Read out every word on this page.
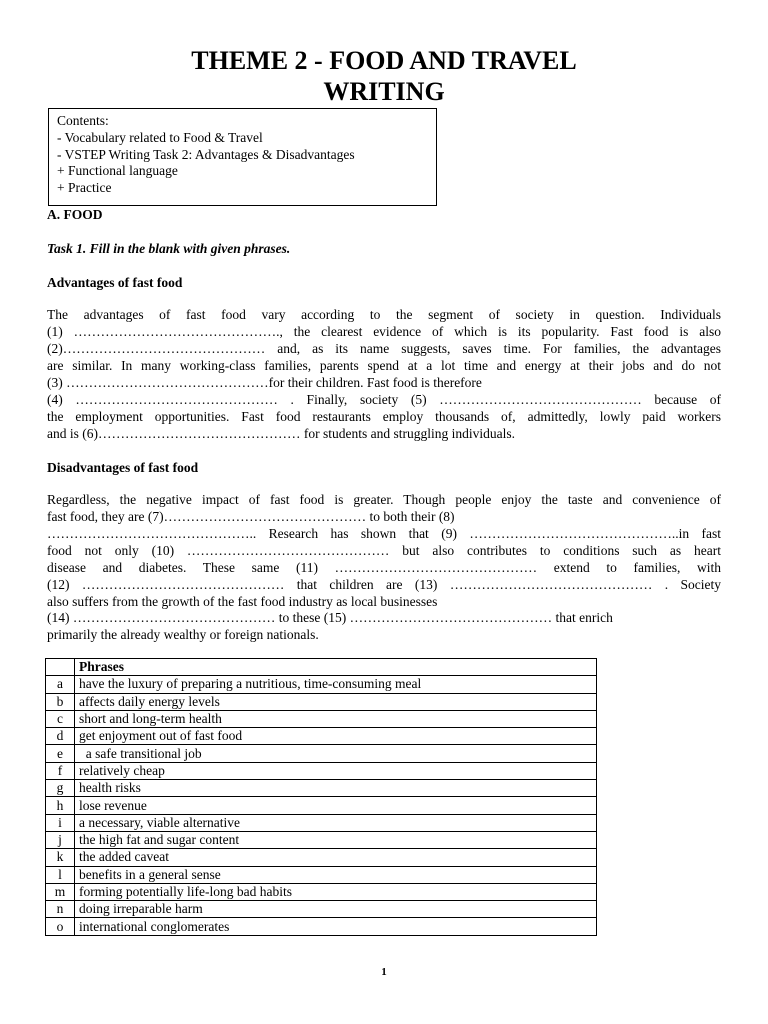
THEME 2 - FOOD AND TRAVEL
WRITING
Contents:
- Vocabulary related to Food & Travel
- VSTEP Writing Task 2: Advantages & Disadvantages
+ Functional language
+ Practice
A. FOOD
Task 1. Fill in the blank with given phrases.
Advantages of fast food
The advantages of fast food vary according to the segment of society in question. Individuals
(1) ………………………………………., the clearest evidence of which is its popularity. Fast food is also
(2)……………………………………… and, as its name suggests, saves time. For families, the advantages
are similar. In many working-class families, parents spend at a lot time and energy at their jobs and do not
(3) ………………………………………for their children. Fast food is therefore
(4) ……………………………………… . Finally, society (5) ……………………………………… because of
the employment opportunities. Fast food restaurants employ thousands of, admittedly, lowly paid workers
and is (6)……………………………………… for students and struggling individuals.
Disadvantages of fast food
Regardless, the negative impact of fast food is greater. Though people enjoy the taste and convenience of
fast food, they are (7)……………………………………… to both their (8)
……………………………………….. Research has shown that (9) ………………………………………..in fast
food not only (10) ……………………………………… but also contributes to conditions such as heart
disease and diabetes. These same (11) ……………………………………… extend to families, with
(12) ……………………………………… that children are (13) ……………………………………… . Society
also suffers from the growth of the fast food industry as local businesses
(14) ……………………………………… to these (15) ……………………………………… that enrich
primarily the already wealthy or foreign nationals.
	Phrases
a	have the luxury of preparing a nutritious, time-consuming meal
b	affects daily energy levels
c	short and long-term health
d	get enjoyment out of fast food
e	a safe transitional job
f	relatively cheap
g	health risks
h	lose revenue
i	a necessary, viable alternative
j	the high fat and sugar content
k	the added caveat
l	benefits in a general sense
m	forming potentially life-long bad habits
n	doing irreparable harm
o	international conglomerates
1
